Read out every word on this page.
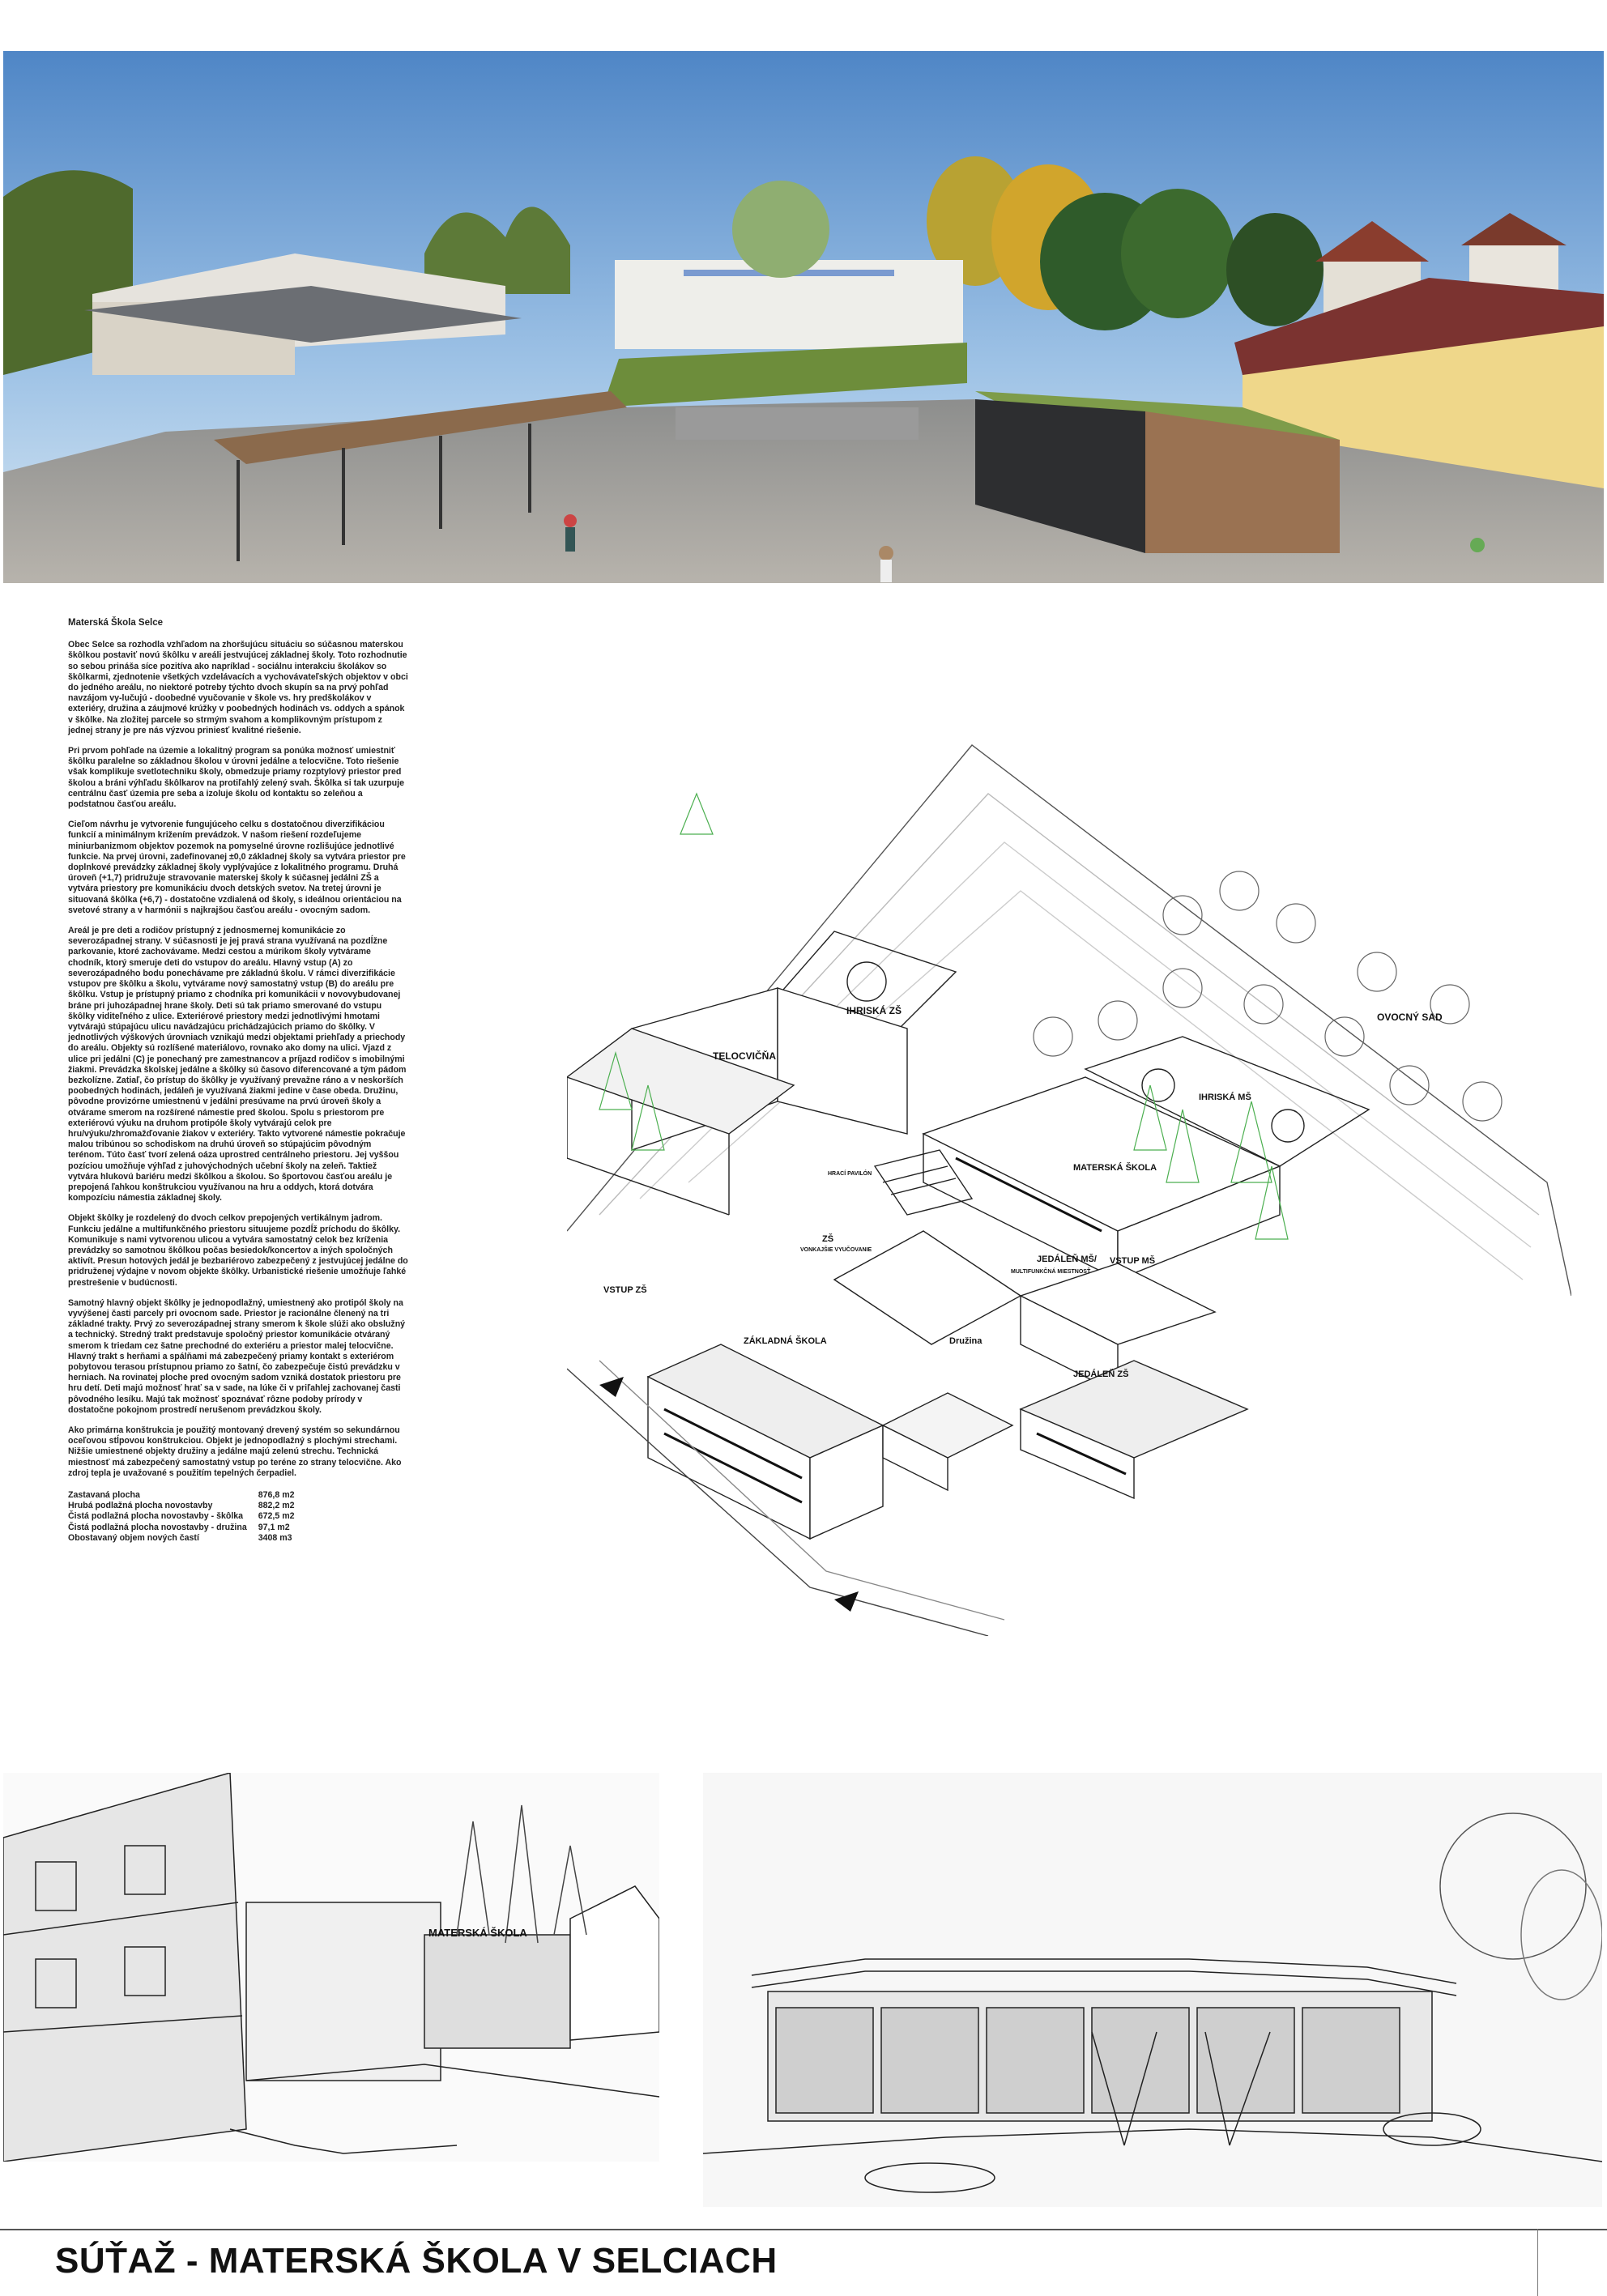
Materská Škola Selce

Obec Selce sa rozhodla vzhľadom na zhoršujúcu situáciu so súčasnou materskou škôlkou postaviť novú škôlku v areáli jestvujúcej základnej školy. Toto rozhodnutie so sebou prináša síce pozitíva ako napríklad - sociálnu interakciu školákov so škôlkarmi, zjednotenie všetkých vzdelávacích a vychovávateľských objektov v obci do jedného areálu, no niektoré potreby týchto dvoch skupín sa na prvý pohľad navzájom vy-lučujú - doobedné vyučovanie v škole vs. hry predškolákov v exteriéry, družina a záujmové krúžky v poobedných hodinách vs. oddych a spánok v škôlke. Na zložitej parcele so strmým svahom a komplikovným prístupom z jednej strany je pre nás výzvou priniesť kvalitné riešenie.

Pri prvom pohľade na územie a lokalitný program sa ponúka možnosť umiestniť škôlku paralelne so základnou školou v úrovni jedálne a telocvične. Toto riešenie však komplikuje svetlotechniku školy, obmedzuje priamy rozptylový priestor pred školou a bráni výhľadu škôlkarov na protiľahlý zelený svah. Škôlka si tak uzurpuje centrálnu časť územia pre seba a izoluje školu od kontaktu so zeleňou a podstatnou časťou areálu.

Cieľom návrhu je vytvorenie fungujúceho celku s dostatočnou diverzifikáciou funkcií a minimálnym križením prevádzok. V našom riešení rozdeľujeme miniurbanizmom objektov pozemok na pomyselné úrovne rozlišujúce jednotlivé funkcie. Na prvej úrovni, zadefinovanej ±0,0 základnej školy sa vytvára priestor pre doplnkové prevádzky základnej školy vyplývajúce z lokalitného programu. Druhá úroveň (+1,7) pridružuje stravovanie materskej školy k súčasnej jedálni ZŠ a vytvára priestory pre komunikáciu dvoch detských svetov. Na tretej úrovni je situovaná škôlka (+6,7) - dostatočne vzdialená od školy, s ideálnou orientáciou na svetové strany a v harmónii s najkrajšou časťou areálu - ovocným sadom.

Areál je pre deti a rodičov prístupný z jednosmernej komunikácie zo severozápadnej strany. V súčasnosti je jej pravá strana využívaná na pozdĺžne parkovanie, ktoré zachovávame. Medzi cestou a múrikom školy vytvárame chodník, ktorý smeruje deti do vstupov do areálu. Hlavný vstup (A) zo severozápadného bodu ponechávame pre základnú školu. V rámci diverzifikácie vstupov pre škôlku a školu, vytvárame nový samostatný vstup (B) do areálu pre škôlku. Vstup je prístupný priamo z chodníka pri komunikácii v novovybudovanej bráne pri juhozápadnej hrane školy. Deti sú tak priamo smerované do vstupu škôlky viditeľného z ulice. Exteriérové priestory medzi jednotlivými hmotami vytvárajú stúpajúcu ulicu navádzajúcu prichádzajúcich priamo do škôlky. V jednotlivých výškových úrovniach vznikajú medzi objektami priehľady a priechody do areálu. Objekty sú rozlíšené materiálovo, rovnako ako domy na ulici. Vjazd z ulice pri jedálni (C) je ponechaný pre zamestnancov a príjazd rodičov s imobilnými žiakmi. Prevádzka školskej jedálne a škôlky sú časovo diferencované a tým pádom bezkolízne. Zatiaľ, čo prístup do škôlky je využívaný prevažne ráno a v neskorších poobedných hodinách, jedáleň je využívaná žiakmi jedine v čase obeda. Družinu, pôvodne provizórne umiestnenú v jedálni presúvame na prvú úroveň školy a otvárame smerom na rozšírené námestie pred školou. Spolu s priestorom pre exteriérovú výuku na druhom protipóle školy vytvárajú celok pre hru/výuku/zhromažďovanie žiakov v exteriéry. Takto vytvorené námestie pokračuje malou tribúnou so schodiskom na druhú úroveň so stúpajúcim pôvodným terénom. Túto časť tvorí zelená oáza uprostred centrálneho priestoru. Jej vyššou pozíciou umožňuje výhľad z juhovýchodných učební školy na zeleň. Taktiež vytvára hlukovú bariéru medzi škôlkou a školou. So športovou časťou areálu je prepojená ľahkou konštrukciou využívanou na hru a oddych, ktorá dotvára kompozíciu námestia základnej školy.

Objekt škôlky je rozdelený do dvoch celkov prepojených vertikálnym jadrom. Funkciu jedálne a multifunkčného priestoru situujeme pozdĺž príchodu do škôlky. Komunikuje s nami vytvorenou ulicou a vytvára samostatný celok bez kríženia prevádzky so samotnou škôlkou počas besiedok/koncertov a iných spoločných aktivít. Presun hotových jedál je bezbariérovo zabezpečený z jestvujúcej jedálne do pridruženej výdajne v novom objekte škôlky. Urbanistické riešenie umožňuje ľahké prestrešenie v budúcnosti.

Samotný hlavný objekt škôlky je jednopodlažný, umiestnený ako protipól školy na vyvýšenej časti parcely pri ovocnom sade. Priestor je racionálne členený na tri základné trakty. Prvý zo severozápadnej strany smerom k škole slúži ako obslužný a technický. Stredný trakt predstavuje spoločný priestor komunikácie otváraný smerom k triedam cez šatne prechodné do exteriéru a priestor malej telocvične. Hlavný trakt s herňami a spálňami má zabezpečený priamy kontakt s exteriérom pobytovou terasou prístupnou priamo zo šatní, čo zabezpečuje čistú prevádzku v herniach. Na rovinatej ploche pred ovocným sadom vzniká dostatok priestoru pre hru detí. Deti majú možnosť hrať sa v sade, na lúke či v priľahlej zachovanej časti pôvodného lesíku. Majú tak možnosť spoznávať rôzne podoby prírody v dostatočne pokojnom prostredí nerušenom prevádzkou školy.

Ako primárna konštrukcia je použitý montovaný drevený systém so sekundárnou oceľovou stĺpovou konštrukciou. Objekt je jednopodlažný s plochými strechami. Nižšie umiestnené objekty družiny a jedálne majú zelenú strechu. Technická miestnosť má zabezpečený samostatný vstup po teréne zo strany telocvične. Ako zdroj tepla je uvažované s použitím tepelných čerpadiel.

Zastavaná plocha	876,8 m2
Hrubá podlažná plocha novostavby	882,2 m2
Čistá podlažná plocha novostavby - škôlka	672,5 m2
Čistá podlažná plocha novostavby - družina	97,1 m2
Obostavaný objem nových častí	3408 m3
IHRISKÁ ZŠ
TELOCVIČŇA
OVOCNÝ SAD
IHRISKÁ MŠ
MATERSKÁ ŠKOLA
HRACÍ PAVILÓN
ZŠ
VONKAJŠIE VYUČOVANIE
JEDÁLEŇ MŠ/
MULTIFUNKČNÁ MIESTNOSŤ
VSTUP MŠ
VSTUP ZŠ
ZÁKLADNÁ ŠKOLA	Družina
JEDÁLEŇ ZŠ
MATERSKÁ ŠKOLA
SÚŤAŽ - MATERSKÁ ŠKOLA V SELCIACH
